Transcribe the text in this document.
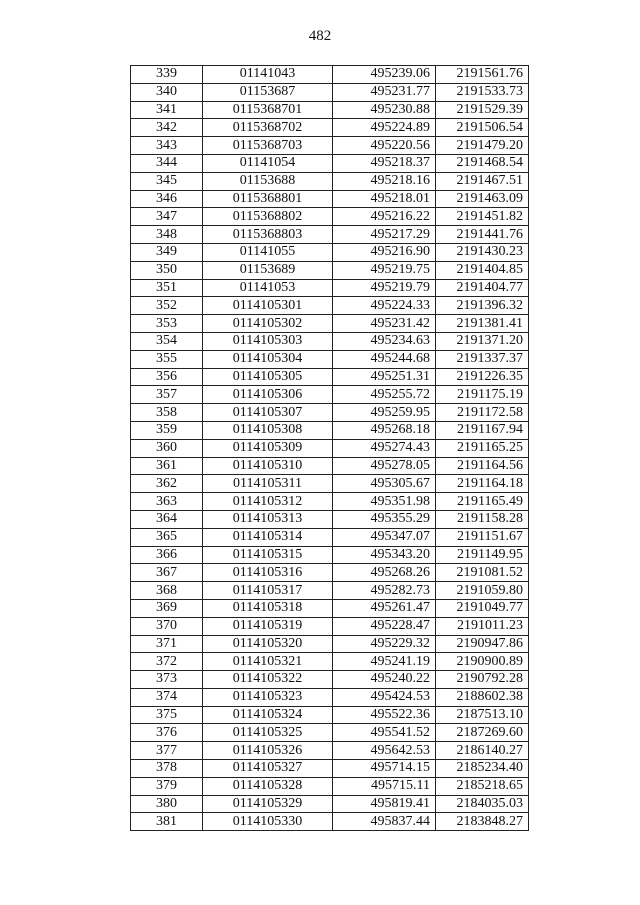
482
339	01141043	495239.06	2191561.76
340	01153687	495231.77	2191533.73
341	0115368701	495230.88	2191529.39
342	0115368702	495224.89	2191506.54
343	0115368703	495220.56	2191479.20
344	01141054	495218.37	2191468.54
345	01153688	495218.16	2191467.51
346	0115368801	495218.01	2191463.09
347	0115368802	495216.22	2191451.82
348	0115368803	495217.29	2191441.76
349	01141055	495216.90	2191430.23
350	01153689	495219.75	2191404.85
351	01141053	495219.79	2191404.77
352	0114105301	495224.33	2191396.32
353	0114105302	495231.42	2191381.41
354	0114105303	495234.63	2191371.20
355	0114105304	495244.68	2191337.37
356	0114105305	495251.31	2191226.35
357	0114105306	495255.72	2191175.19
358	0114105307	495259.95	2191172.58
359	0114105308	495268.18	2191167.94
360	0114105309	495274.43	2191165.25
361	0114105310	495278.05	2191164.56
362	0114105311	495305.67	2191164.18
363	0114105312	495351.98	2191165.49
364	0114105313	495355.29	2191158.28
365	0114105314	495347.07	2191151.67
366	0114105315	495343.20	2191149.95
367	0114105316	495268.26	2191081.52
368	0114105317	495282.73	2191059.80
369	0114105318	495261.47	2191049.77
370	0114105319	495228.47	2191011.23
371	0114105320	495229.32	2190947.86
372	0114105321	495241.19	2190900.89
373	0114105322	495240.22	2190792.28
374	0114105323	495424.53	2188602.38
375	0114105324	495522.36	2187513.10
376	0114105325	495541.52	2187269.60
377	0114105326	495642.53	2186140.27
378	0114105327	495714.15	2185234.40
379	0114105328	495715.11	2185218.65
380	0114105329	495819.41	2184035.03
381	0114105330	495837.44	2183848.27
